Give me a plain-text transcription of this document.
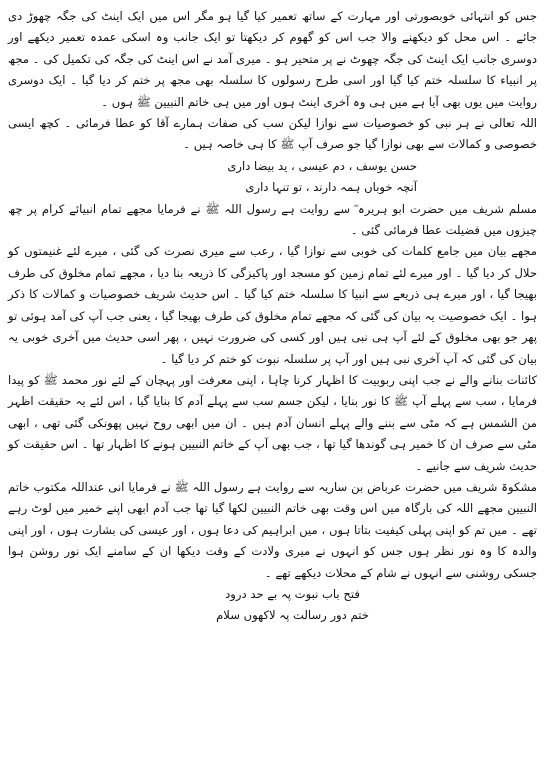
جس کو انتہائی خوبصورتی اور مہارت کے ساتھ تعمیر کیا گیا ہو مگر اس میں ایک اینٹ کی جگہ چھوڑ دی جائے ۔ اس محل کو دیکھنے والا جب اس کو گھوم کر دیکھتا تو ایک جانب وہ اسکی عمدہ تعمیر دیکھے اور دوسری جانب ایک اینٹ کی جگہ چھوٹ نے پر متحیر ہو ۔ میری آمد نے اس اینٹ کی جگہ کی تکمیل کی ۔ مجھ پر انبیاء کا سلسلہ ختم کیا گیا اور اسی طرح رسولوں کا سلسلہ بھی مجھ پر ختم کر دیا گیا ۔ ایک دوسری روایت میں یوں بھی آیا ہے میں ہی وہ آخری اینٹ ہوں اور میں ہی خاتم النبیین ﷺ ہوں ۔

اللہ تعالی نے ہر نبی کو خصوصیات سے نوازا لیکن سب کی صفات ہمارے آقا کو عطا فرمائی ۔ کچھ ایسی خصوصی و کمالات سے بھی نوازا گیا جو صرف آپ ﷺ کا ہی خاصہ ہیں ۔

حسن یوسف ، دم عیسی ، ید بیضا داری

آنچہ خوباں ہمہ دارند ، تو تنہا داری

مسلم شریف میں حضرت ابو ہریرہ ؓ سے روایت ہے رسول اللہ ﷺ نے فرمایا مجھے تمام انبیائے کرام پر چھ چیزوں میں فضیلت عطا فرمائی گئی ۔

مجھے بیان میں جامع کلمات کی خوبی سے نوازا گیا ، رعب سے میری نصرت کی گئی ، میرے لئے غنیمتوں کو حلال کر دیا گیا ۔ اور میرے لئے تمام زمین کو مسجد اور پاکیزگی کا ذریعہ بنا دیا ، مجھے تمام مخلوق کی طرف بھیجا گیا ، اور میرے ہی ذریعے سے انبیا کا سلسلہ ختم کیا گیا ۔ اس حدیث شریف خصوصیات و کمالات کا ذکر ہوا ۔ ایک خصوصیت یہ بیان کی گئی کہ مجھے تمام مخلوق کی طرف بھیجا گیا ، یعنی جب آپ کی آمد ہوئی تو پھر جو بھی مخلوق کے لئے آپ ہی نبی ہیں اور کسی کی ضرورت نہیں ، پھر اسی حدیث میں آخری خوبی یہ بیان کی گئی کہ آپ آخری نبی ہیں اور آپ پر سلسلہ نبوت کو ختم کر دیا گیا ۔

کائنات بنانے والے نے جب اپنی ربوبیت کا اظہار کرنا چاہا ، اپنی معرفت اور پہچان کے لئے نور محمد ﷺ کو پیدا فرمایا ، سب سے پہلے آپ ﷺ کا نور بنایا ، لیکن جسم سب سے پہلے آدم کا بنایا گیا ، اس لئے یہ حقیقت اظہر من الشمس ہے کہ مٹی سے بننے والے پہلے انسان آدم ہیں ۔ ان میں ابھی روح نہیں پھونکی گئی تھی ، ابھی مٹی سے صرف ان کا خمیر ہی گوندھا گیا تھا ، جب بھی آپ کے خاتم النبیین ہونے کا اظہار تھا ۔ اس حقیقت کو حدیث شریف سے جانیے ۔

مشکوۃ شریف میں حضرت عرباض بن ساریہ سے روایت ہے رسول اللہ ﷺ نے فرمایا انی عنداللہ مکتوب خاتم النبیین مجھے اللہ کی بارگاہ میں اس وقت بھی خاتم النبیین لکھا گیا تھا جب آدم ابھی اپنے خمیر میں لوٹ رہے تھے ۔ میں تم کو اپنی پہلی کیفیت بتاتا ہوں ، میں ابراہیم کی دعا ہوں ، اور عیسی کی بشارت ہوں ، اور اپنی والدہ کا وہ نور نظر ہوں جس کو انہوں نے میری ولادت کے وقت دیکھا ان کے سامنے ایک نور روشن ہوا جسکی روشنی سے انہوں نے شام کے محلات دیکھے تھے ۔

فتح باب نبوت پہ بے حد درود

ختم دور رسالت پہ لاکھوں سلام
